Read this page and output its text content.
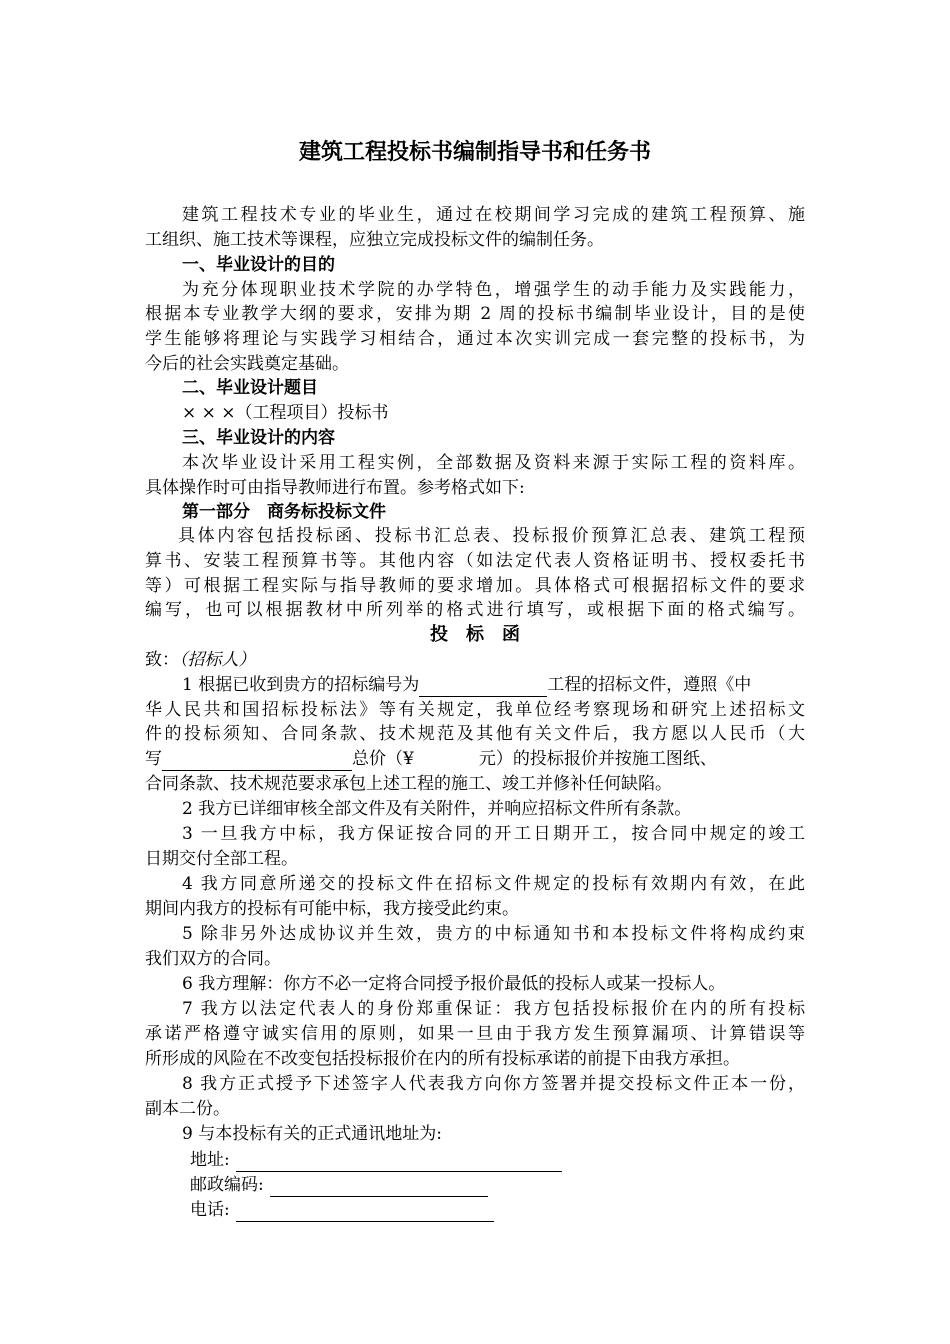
建筑工程投标书编制指导书和任务书
建筑工程技术专业的毕业生，通过在校期间学习完成的建筑工程预算、施
工组织、施工技术等课程，应独立完成投标文件的编制任务。
一、毕业设计的目的
为充分体现职业技术学院的办学特色，增强学生的动手能力及实践能力，
根据本专业教学大纲的要求，安排为期 2 周的投标书编制毕业设计，目的是使
学生能够将理论与实践学习相结合，通过本次实训完成一套完整的投标书，为
今后的社会实践奠定基础。
二、毕业设计题目
× × ×（工程项目）投标书
三、毕业设计的内容
本次毕业设计采用工程实例，全部数据及资料来源于实际工程的资料库。
具体操作时可由指导教师进行布置。参考格式如下:
第一部分　商务标投标文件
具体内容包括投标函、投标书汇总表、投标报价预算汇总表、建筑工程预
算书、安装工程预算书等。其他内容（如法定代表人资格证明书、授权委托书
等）可根据工程实际与指导教师的要求增加。具体格式可根据招标文件的要求
编写，也可以根据教材中所列举的格式进行填写，或根据下面的格式编写。
投　标　函
致：（招标人）
1 根据已收到贵方的招标编号为	工程的招标文件，遵照《中
华人民共和国招标投标法》等有关规定，我单位经考察现场和研究上述招标文
件的投标须知、合同条款、技术规范及其他有关文件后，我方愿以人民币（大
写	总价（¥	元）的投标报价并按施工图纸、
合同条款、技术规范要求承包上述工程的施工、竣工并修补任何缺陷。
2 我方已详细审核全部文件及有关附件，并响应招标文件所有条款。
3 一旦我方中标，我方保证按合同的开工日期开工，按合同中规定的竣工
日期交付全部工程。
4 我方同意所递交的投标文件在招标文件规定的投标有效期内有效，在此
期间内我方的投标有可能中标，我方接受此约束。
5 除非另外达成协议并生效，贵方的中标通知书和本投标文件将构成约束
我们双方的合同。
6 我方理解：你方不必一定将合同授予报价最低的投标人或某一投标人。
7 我方以法定代表人的身份郑重保证：我方包括投标报价在内的所有投标
承诺严格遵守诚实信用的原则，如果一旦由于我方发生预算漏项、计算错误等
所形成的风险在不改变包括投标报价在内的所有投标承诺的前提下由我方承担。
8 我方正式授予下述签字人代表我方向你方签署并提交投标文件正本一份，
副本二份。
9 与本投标有关的正式通讯地址为:
地址:
邮政编码:
电话:
